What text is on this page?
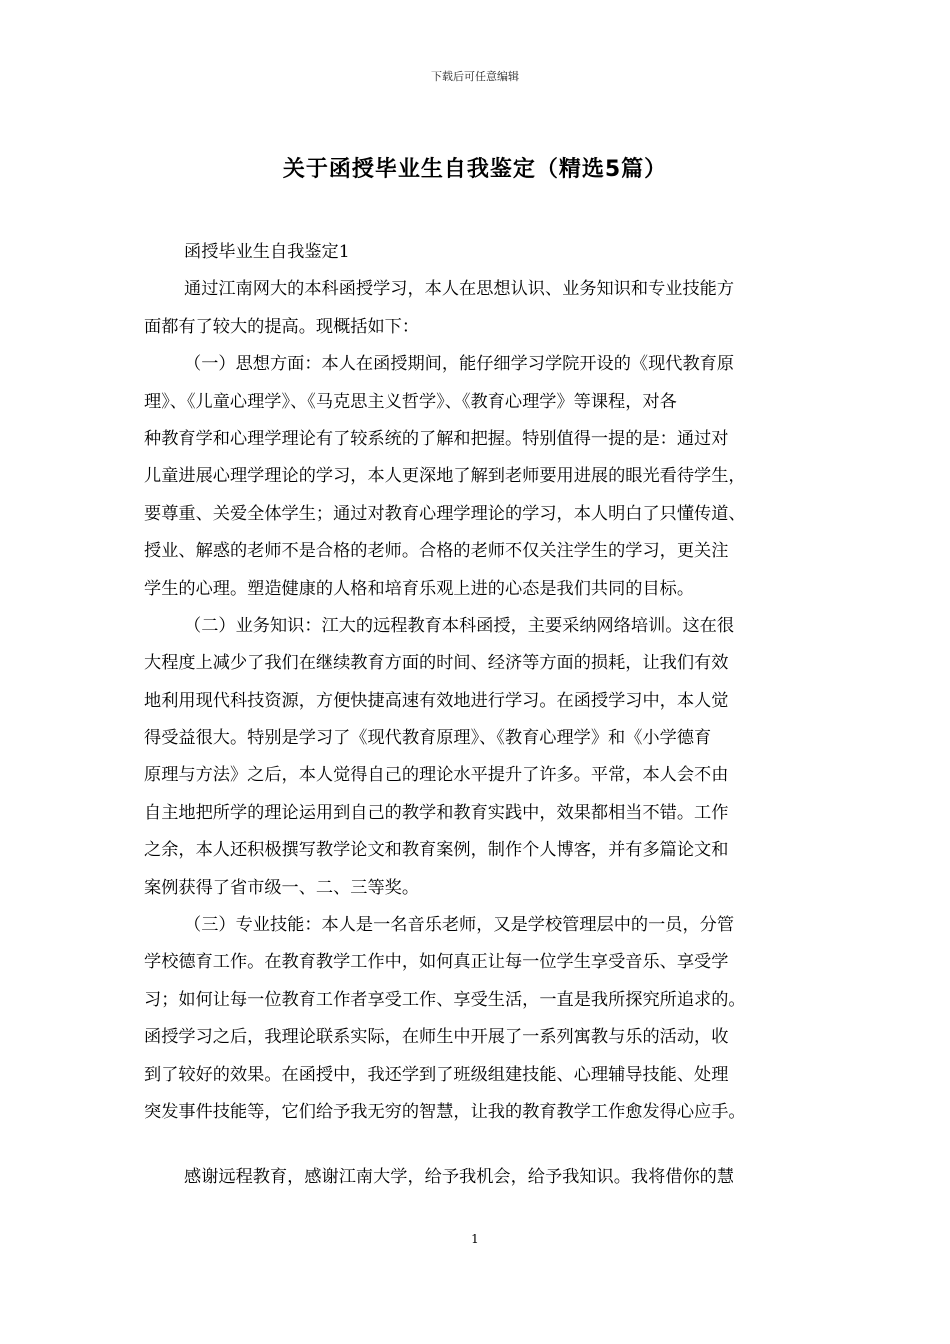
下载后可任意编辑
关于函授毕业生自我鉴定（精选5篇）
函授毕业生自我鉴定1
通过江南网大的本科函授学习，本人在思想认识、业务知识和专业技能方
面都有了较大的提高。现概括如下：
（一）思想方面：本人在函授期间，能仔细学习学院开设的《现代教育原
理》、《儿童心理学》、《马克思主义哲学》、《教育心理学》等课程，对各
种教育学和心理学理论有了较系统的了解和把握。特别值得一提的是：通过对
儿童进展心理学理论的学习，本人更深地了解到老师要用进展的眼光看待学生，
要尊重、关爱全体学生；通过对教育心理学理论的学习，本人明白了只懂传道、
授业、解惑的老师不是合格的老师。合格的老师不仅关注学生的学习，更关注
学生的心理。塑造健康的人格和培育乐观上进的心态是我们共同的目标。
（二）业务知识：江大的远程教育本科函授，主要采纳网络培训。这在很
大程度上减少了我们在继续教育方面的时间、经济等方面的损耗，让我们有效
地利用现代科技资源，方便快捷高速有效地进行学习。在函授学习中，本人觉
得受益很大。特别是学习了《现代教育原理》、《教育心理学》和《小学德育
原理与方法》之后，本人觉得自己的理论水平提升了许多。平常，本人会不由
自主地把所学的理论运用到自己的教学和教育实践中，效果都相当不错。工作
之余，本人还积极撰写教学论文和教育案例，制作个人博客，并有多篇论文和
案例获得了省市级一、二、三等奖。
（三）专业技能：本人是一名音乐老师，又是学校管理层中的一员，分管
学校德育工作。在教育教学工作中，如何真正让每一位学生享受音乐、享受学
习；如何让每一位教育工作者享受工作、享受生活，一直是我所探究所追求的。
函授学习之后，我理论联系实际，在师生中开展了一系列寓教与乐的活动，收
到了较好的效果。在函授中，我还学到了班级组建技能、心理辅导技能、处理
突发事件技能等，它们给予我无穷的智慧，让我的教育教学工作愈发得心应手。
感谢远程教育，感谢江南大学，给予我机会，给予我知识。我将借你的慧
1
